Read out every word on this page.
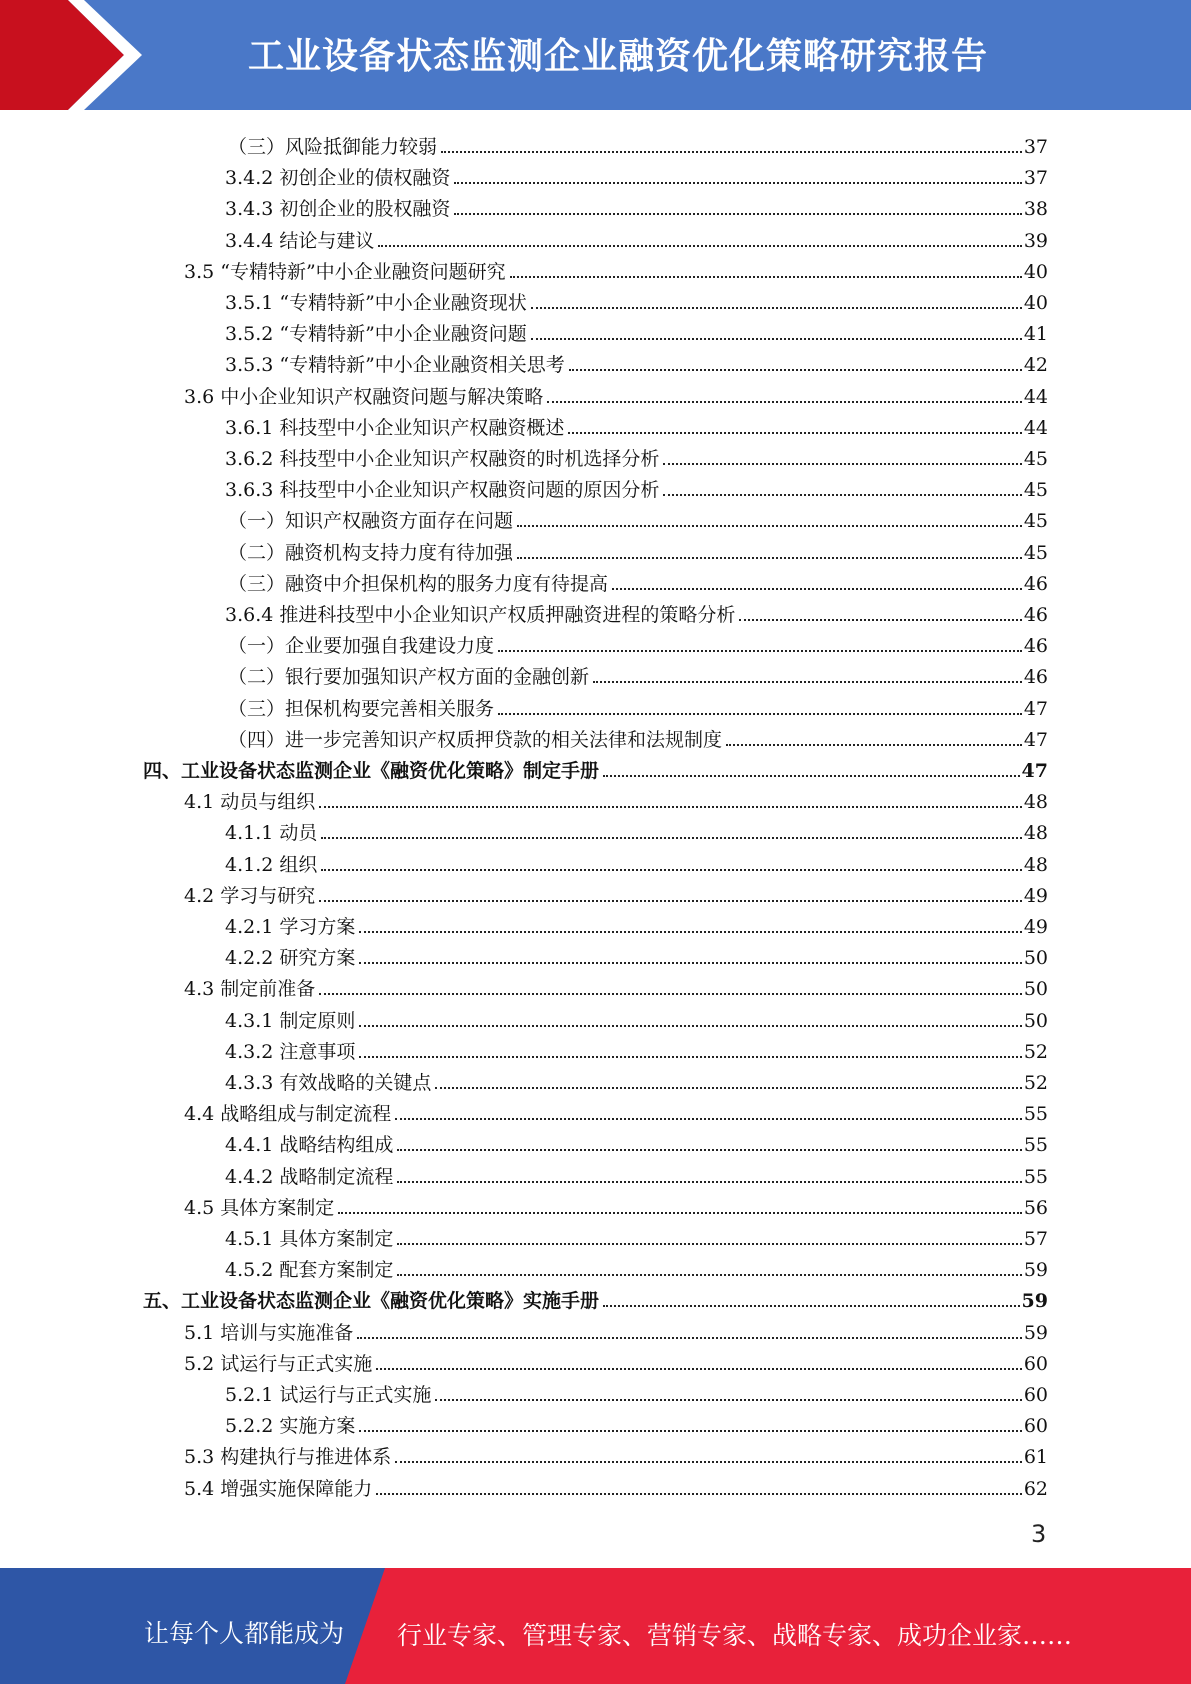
工业设备状态监测企业融资优化策略研究报告
（三）风险抵御能力较弱	37
3.4.2 初创企业的债权融资	37
3.4.3 初创企业的股权融资	38
3.4.4 结论与建议	39
3.5 “专精特新”中小企业融资问题研究	40
3.5.1 “专精特新”中小企业融资现状	40
3.5.2 “专精特新”中小企业融资问题	41
3.5.3 “专精特新”中小企业融资相关思考	42
3.6 中小企业知识产权融资问题与解决策略	44
3.6.1 科技型中小企业知识产权融资概述	44
3.6.2 科技型中小企业知识产权融资的时机选择分析	45
3.6.3 科技型中小企业知识产权融资问题的原因分析	45
（一）知识产权融资方面存在问题	45
（二）融资机构支持力度有待加强	45
（三）融资中介担保机构的服务力度有待提高	46
3.6.4 推进科技型中小企业知识产权质押融资进程的策略分析	46
（一）企业要加强自我建设力度	46
（二）银行要加强知识产权方面的金融创新	46
（三）担保机构要完善相关服务	47
（四）进一步完善知识产权质押贷款的相关法律和法规制度	47
四、工业设备状态监测企业《融资优化策略》制定手册	47
4.1 动员与组织	48
4.1.1 动员	48
4.1.2 组织	48
4.2 学习与研究	49
4.2.1 学习方案	49
4.2.2 研究方案	50
4.3 制定前准备	50
4.3.1 制定原则	50
4.3.2 注意事项	52
4.3.3 有效战略的关键点	52
4.4 战略组成与制定流程	55
4.4.1 战略结构组成	55
4.4.2 战略制定流程	55
4.5 具体方案制定	56
4.5.1 具体方案制定	57
4.5.2 配套方案制定	59
五、工业设备状态监测企业《融资优化策略》实施手册	59
5.1 培训与实施准备	59
5.2 试运行与正式实施	60
5.2.1 试运行与正式实施	60
5.2.2 实施方案	60
5.3 构建执行与推进体系	61
5.4 增强实施保障能力	62
3
让每个人都能成为 行业专家、管理专家、营销专家、战略专家、成功企业家……
